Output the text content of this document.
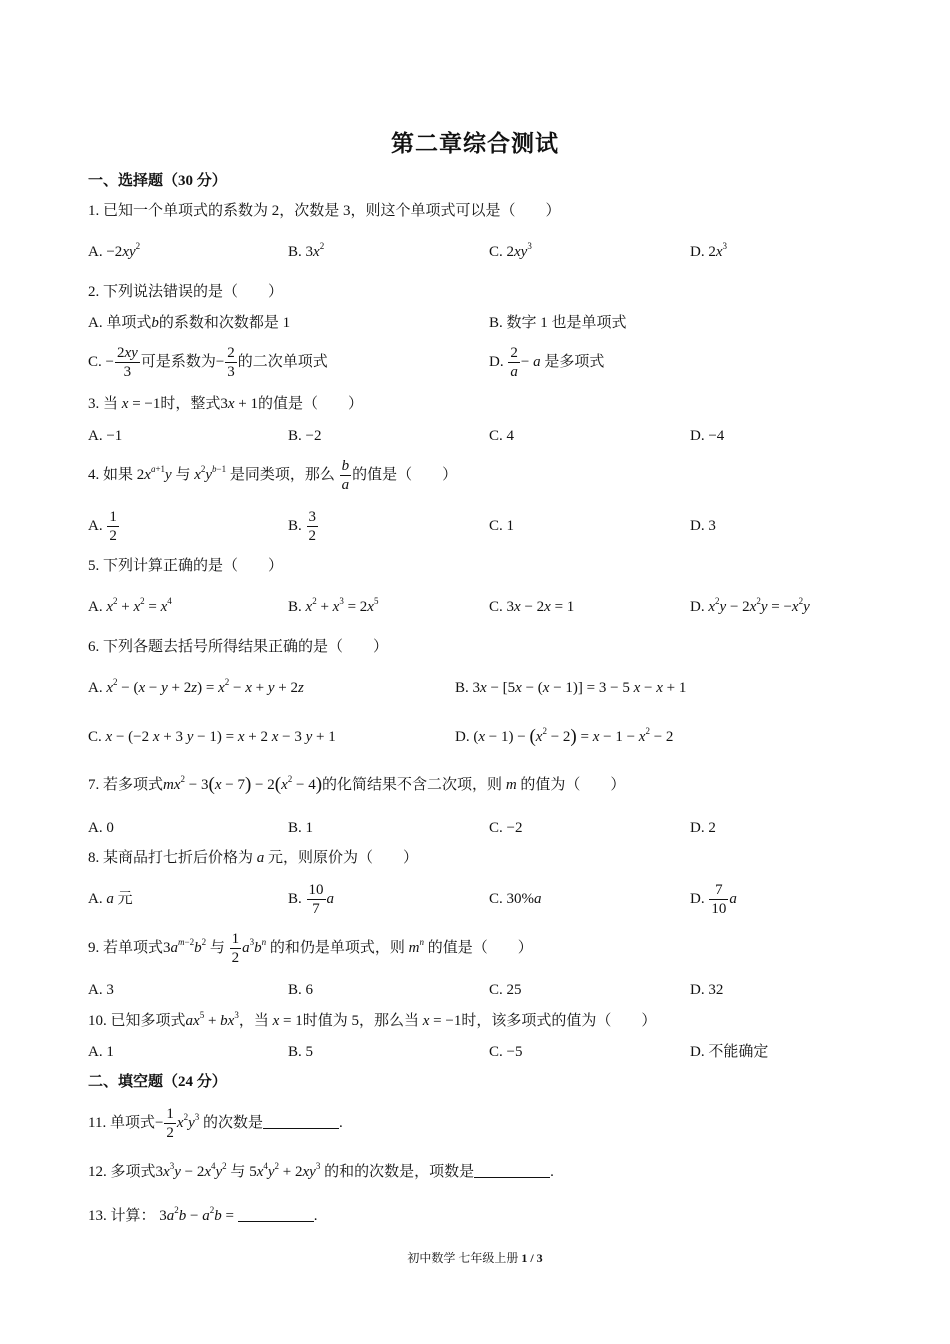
第二章综合测试
一、选择题（30 分）
1. 已知一个单项式的系数为 2，次数是 3，则这个单项式可以是（　　）
A. $-2xy^2$	B. $3x^2$	C. $2xy^3$	D. $2x^3$
2. 下列说法错误的是（　　）
A. 单项式b的系数和次数都是 1	B. 数字 1 也是单项式
C. − $\frac{2xy}{3}$ 可是系数为− $\frac{2}{3}$ 的二次单项式	D. $\frac{2}{a} - a$ 是多项式
3. 当 x = −1时，整式3x + 1的值是（　　）
A. −1	B. −2	C. 4	D. −4
4. 如果 $2x^{a+1}y$ 与 $x^2y^{b-1}$ 是同类项，那么 $\frac{b}{a}$ 的值是（　　）
A. $\frac{1}{2}$	B. $\frac{3}{2}$	C. 1	D. 3
5. 下列计算正确的是（　　）
A. $x^2 + x^2 = x^4$	B. $x^2 + x^3 = 2x^5$	C. 3x − 2x = 1	D. $x^2y - 2x^2y = -x^2y$
6. 下列各题去括号所得结果正确的是（　　）
A. $x^2 - (x - y + 2z) = x^2 - x + y + 2z$	B. 3x − [5x − (x − 1)] = 3 − 5 x − x + 1
C. x − (−2 x + 3 y − 1) = x + 2 x − 3 y + 1	D. $(x - 1) - (x^2 - 2) = x - 1 - x^2 - 2$
7. 若多项式$mx^2 - 3(x - 7) - 2(x^2 - 4)$的化简结果不含二次项，则 m 的值为（　　）
A. 0	B. 1	C. −2	D. 2
8. 某商品打七折后价格为 a 元，则原价为（　　）
A. a 元	B. $\frac{10}{7}$ a	C. 30%a	D. $\frac{7}{10}$ a
9. 若单项式$3a^{m-2}b^2$ 与 $\frac{1}{2} a^3b^n$ 的和仍是单项式，则 $m^n$ 的值是（　　）
A. 3	B. 6	C. 25	D. 32
10. 已知多项式$ax^5 + bx^3$，当 x = 1时值为 5，那么当 x = −1时，该多项式的值为（　　）
A. 1	B. 5	C. −5	D. 不能确定
二、填空题（24 分）
11. 单项式− $\frac{1}{2} x^2y^3$ 的次数是	.
12. 多项式$3x^3y - 2x^4y^2$ 与 $5x^4y^2 + 2xy^3$ 的和的次数是，项数是	.
13. 计算： $3a^2b - a^2b$ =	.
初中数学 七年级上册 1 / 3
